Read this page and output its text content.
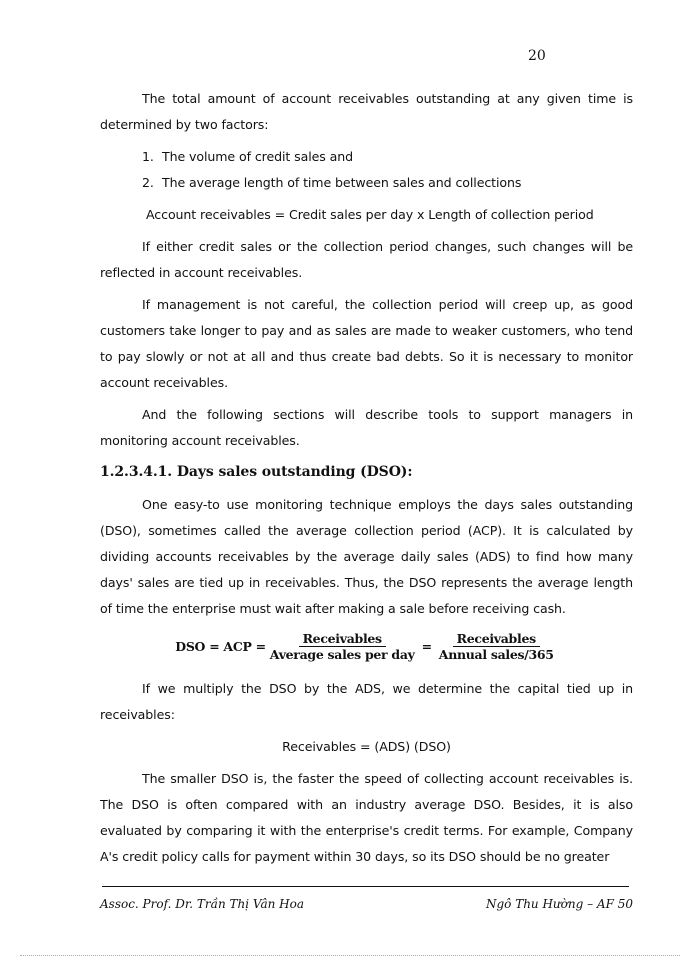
20

The total amount of account receivables outstanding at any given time is determined by two factors:

1. The volume of credit sales and
2. The average length of time between sales and collections

Account receivables = Credit sales per day x Length of collection period

If either credit sales or the collection period changes, such changes will be reflected in account receivables.

If management is not careful, the collection period will creep up, as good customers take longer to pay and as sales are made to weaker customers, who tend to pay slowly or not at all and thus create bad debts. So it is necessary to monitor account receivables.

And the following sections will describe tools to support managers in monitoring account receivables.

1.2.3.4.1. Days sales outstanding (DSO):

One easy-to use monitoring technique employs the days sales outstanding (DSO), sometimes called the average collection period (ACP). It is calculated by dividing accounts receivables by the average daily sales (ADS) to find how many days' sales are tied up in receivables. Thus, the DSO represents the average length of time the enterprise must wait after making a sale before receiving cash.

DSO = ACP = $\frac{\text{Receivables}}{\text{Average sales per day}} = \frac{\text{Receivables}}{\text{Annual sales/365}}$

If we multiply the DSO by the ADS, we determine the capital tied up in receivables:

Receivables = (ADS) (DSO)

The smaller DSO is, the faster the speed of collecting account receivables is. The DSO is often compared with an industry average DSO. Besides, it is also evaluated by comparing it with the enterprise's credit terms. For example, Company A's credit policy calls for payment within 30 days, so its DSO should be no greater

Assoc. Prof. Dr. Trần Thị Vân Hoa	Ngô Thu Hường – AF 50
